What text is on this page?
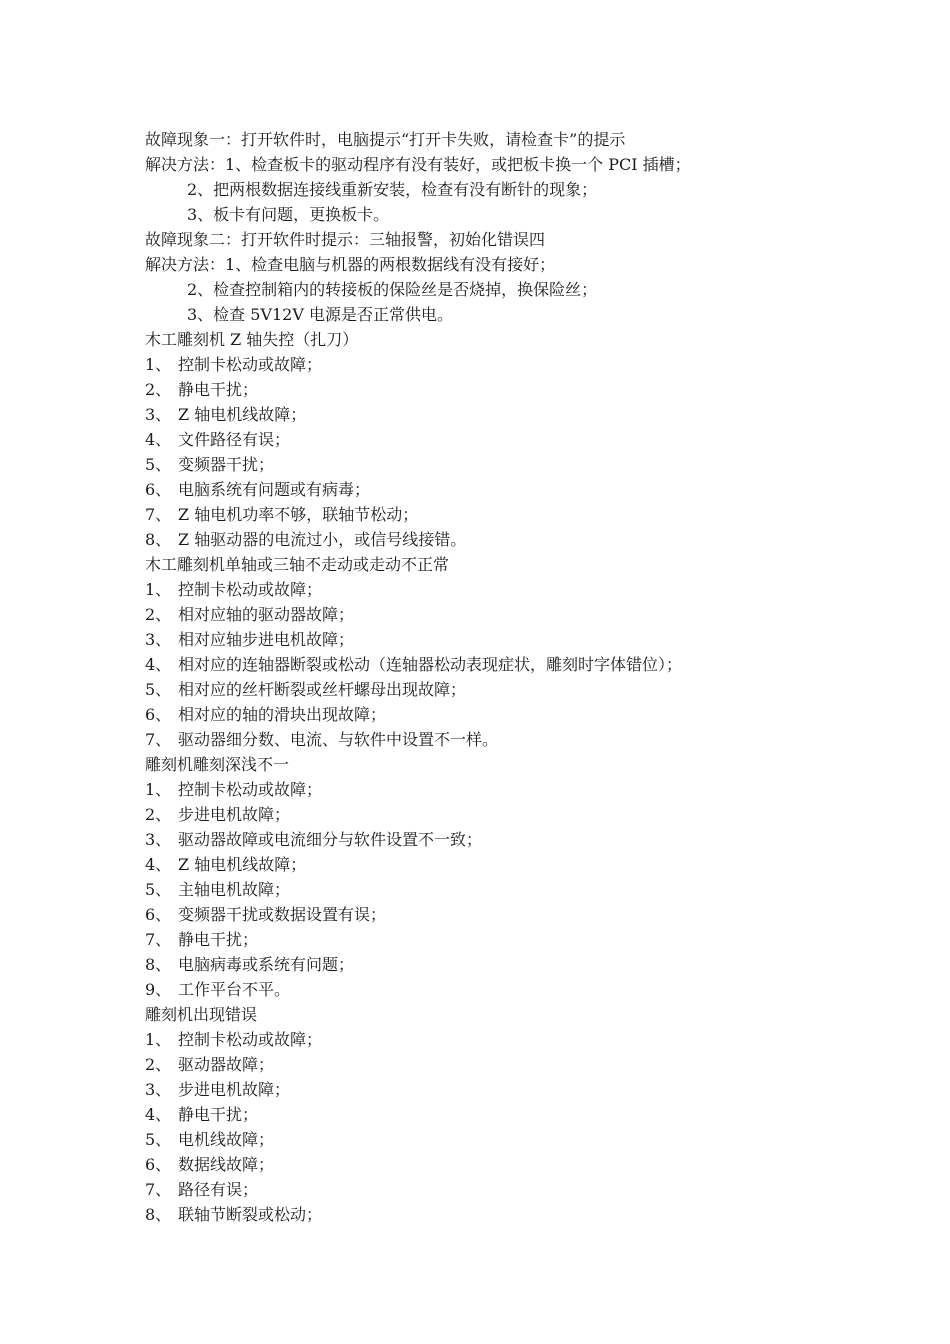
故障现象一：打开软件时，电脑提示“打开卡失败，请检查卡”的提示
解决方法：1、检查板卡的驱动程序有没有装好，或把板卡换一个 PCI 插槽；
2、把两根数据连接线重新安装，检查有没有断针的现象；
3、板卡有问题，更换板卡。
故障现象二：打开软件时提示：三轴报警，初始化错误四
解决方法：1、检查电脑与机器的两根数据线有没有接好；
2、检查控制箱内的转接板的保险丝是否烧掉，换保险丝；
3、检查 5V12V 电源是否正常供电。
木工雕刻机 Z 轴失控（扎刀）
1、 控制卡松动或故障；
2、 静电干扰；
3、 Z 轴电机线故障；
4、 文件路径有误；
5、 变频器干扰；
6、 电脑系统有问题或有病毒；
7、 Z 轴电机功率不够，联轴节松动；
8、 Z 轴驱动器的电流过小，或信号线接错。
木工雕刻机单轴或三轴不走动或走动不正常
1、 控制卡松动或故障；
2、 相对应轴的驱动器故障；
3、 相对应轴步进电机故障；
4、 相对应的连轴器断裂或松动（连轴器松动表现症状，雕刻时字体错位）；
5、 相对应的丝杆断裂或丝杆螺母出现故障；
6、 相对应的轴的滑块出现故障；
7、 驱动器细分数、电流、与软件中设置不一样。
雕刻机雕刻深浅不一
1、 控制卡松动或故障；
2、 步进电机故障；
3、 驱动器故障或电流细分与软件设置不一致；
4、 Z 轴电机线故障；
5、 主轴电机故障；
6、 变频器干扰或数据设置有误；
7、 静电干扰；
8、 电脑病毒或系统有问题；
9、 工作平台不平。
雕刻机出现错误
1、 控制卡松动或故障；
2、 驱动器故障；
3、 步进电机故障；
4、 静电干扰；
5、 电机线故障；
6、 数据线故障；
7、 路径有误；
8、 联轴节断裂或松动；
